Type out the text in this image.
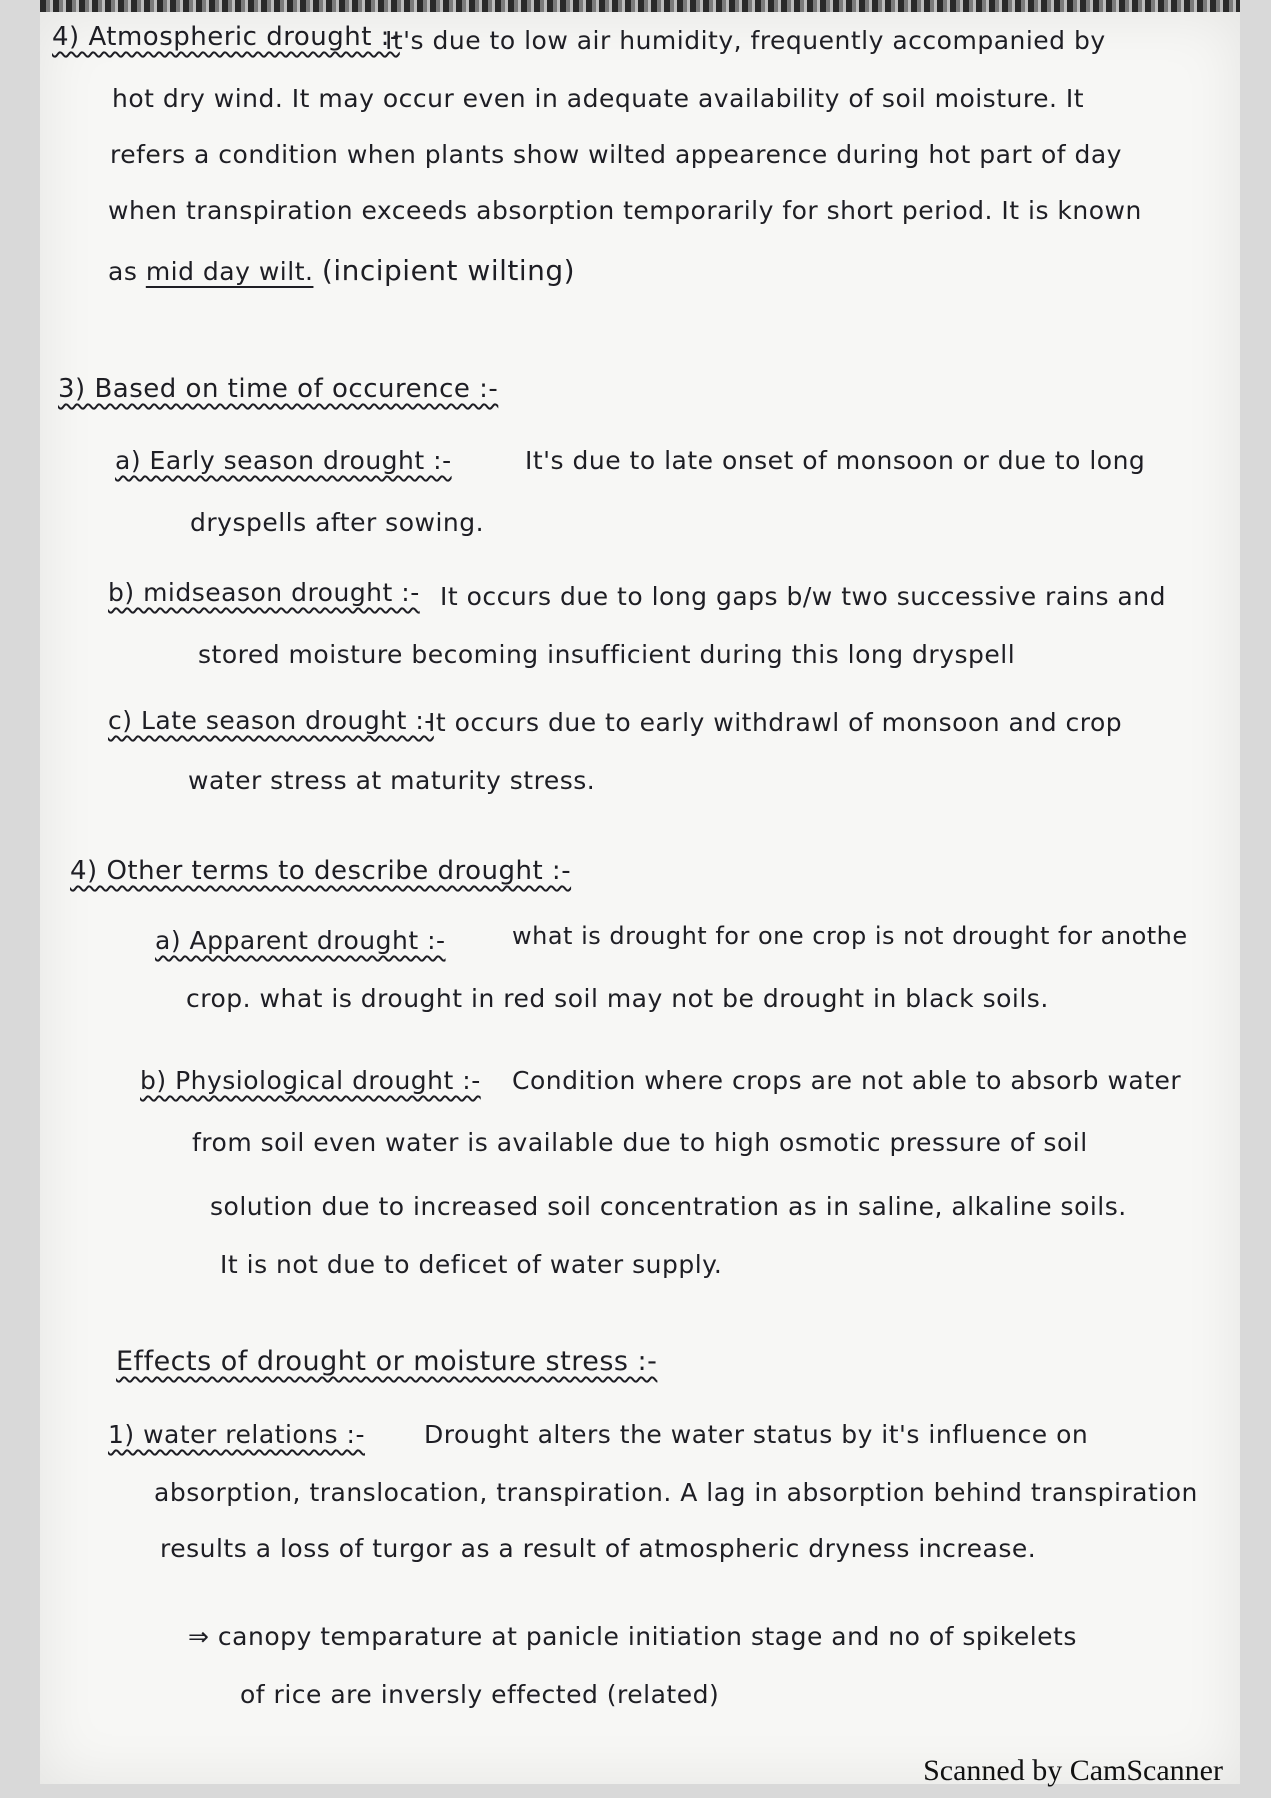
4) Atmospheric drought :-
It's due to low air humidity, frequently accompanied by
hot dry wind. It may occur even in adequate availability of soil moisture. It
refers a condition when plants show wilted appearence during hot part of day
when transpiration exceeds absorption temporarily for short period. It is known
as mid day wilt. (incipient wilting)
3) Based on time of occurence :-
a) Early season drought :-	It's due to late onset of monsoon or due to long
dryspells after sowing.
b) midseason drought :- It occurs due to long gaps b/w two successive rains and
stored moisture becoming insufficient during this long dryspell
c) Late season drought :-
It occurs due to early withdrawl of monsoon and crop
water stress at maturity stress.
4) Other terms to describe drought :-
a) Apparent drought :-	what is drought for one crop is not drought for anothe
crop. what is drought in red soil may not be drought in black soils.
b) Physiological drought :- Condition where crops are not able to absorb water
from soil even water is available due to high osmotic pressure of soil
solution due to increased soil concentration as in saline, alkaline soils.
It is not due to deficet of water supply.
Effects of drought or moisture stress :-
1) water relations :- Drought alters the water status by it's influence on
absorption, translocation, transpiration. A lag in absorption behind transpiration
results a loss of turgor as a result of atmospheric dryness increase.
⇒ canopy temparature at panicle initiation stage and no of spikelets
of rice are inversly effected (related)
Scanned by CamScanner
